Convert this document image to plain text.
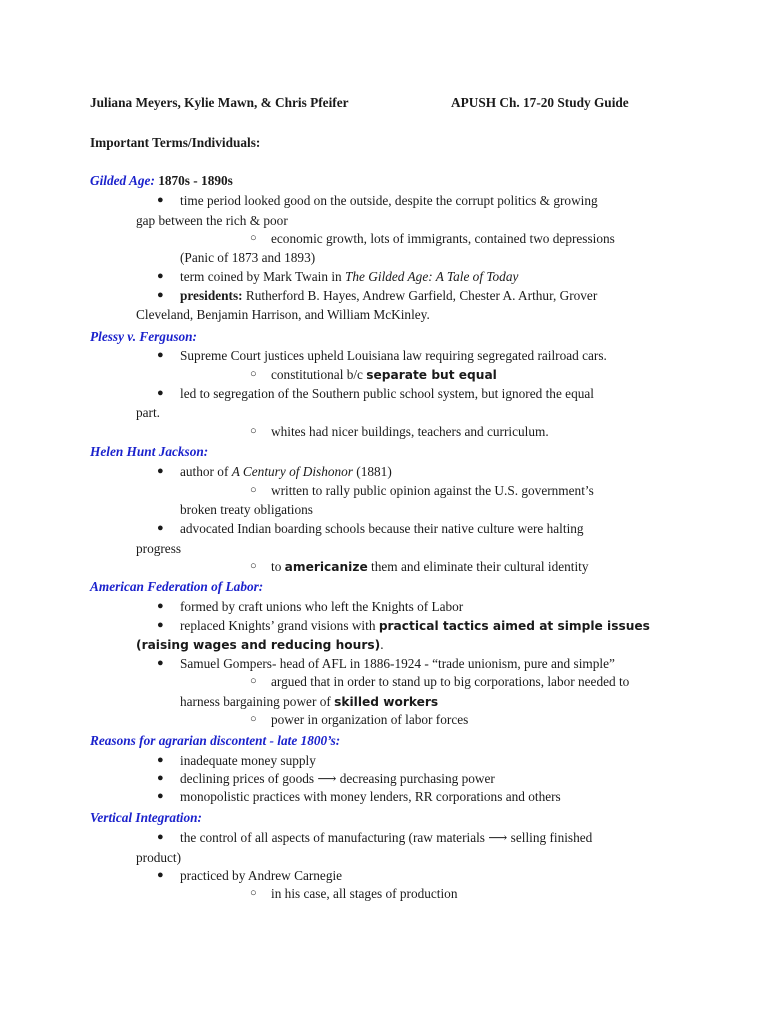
Juliana Meyers, Kylie Mawn, & Chris Pfeifer	APUSH Ch. 17-20 Study Guide
Important Terms/Individuals:
Gilded Age: 1870s - 1890s
● time period looked good on the outside, despite the corrupt politics & growing
gap between the rich & poor
○ economic growth, lots of immigrants, contained two depressions
(Panic of 1873 and 1893)
● term coined by Mark Twain in The Gilded Age: A Tale of Today
● presidents: Rutherford B. Hayes, Andrew Garfield, Chester A. Arthur, Grover
Cleveland, Benjamin Harrison, and William McKinley.
Plessy v. Ferguson:
● Supreme Court justices upheld Louisiana law requiring segregated railroad cars.
○ constitutional b/c separate but equal
● led to segregation of the Southern public school system, but ignored the equal
part.
○ whites had nicer buildings, teachers and curriculum.
Helen Hunt Jackson:
● author of A Century of Dishonor (1881)
○ written to rally public opinion against the U.S. government’s
broken treaty obligations
● advocated Indian boarding schools because their native culture were halting
progress
○ to americanize them and eliminate their cultural identity
American Federation of Labor:
● formed by craft unions who left the Knights of Labor
● replaced Knights’ grand visions with practical tactics aimed at simple issues
(raising wages and reducing hours).
● Samuel Gompers- head of AFL in 1886-1924 - “trade unionism, pure and simple”
○ argued that in order to stand up to big corporations, labor needed to
harness bargaining power of skilled workers
○ power in organization of labor forces
Reasons for agrarian discontent - late 1800’s:
● inadequate money supply
● declining prices of goods ⟶ decreasing purchasing power
● monopolistic practices with money lenders, RR corporations and others
Vertical Integration:
● the control of all aspects of manufacturing (raw materials ⟶ selling finished
product)
● practiced by Andrew Carnegie
○ in his case, all stages of production
